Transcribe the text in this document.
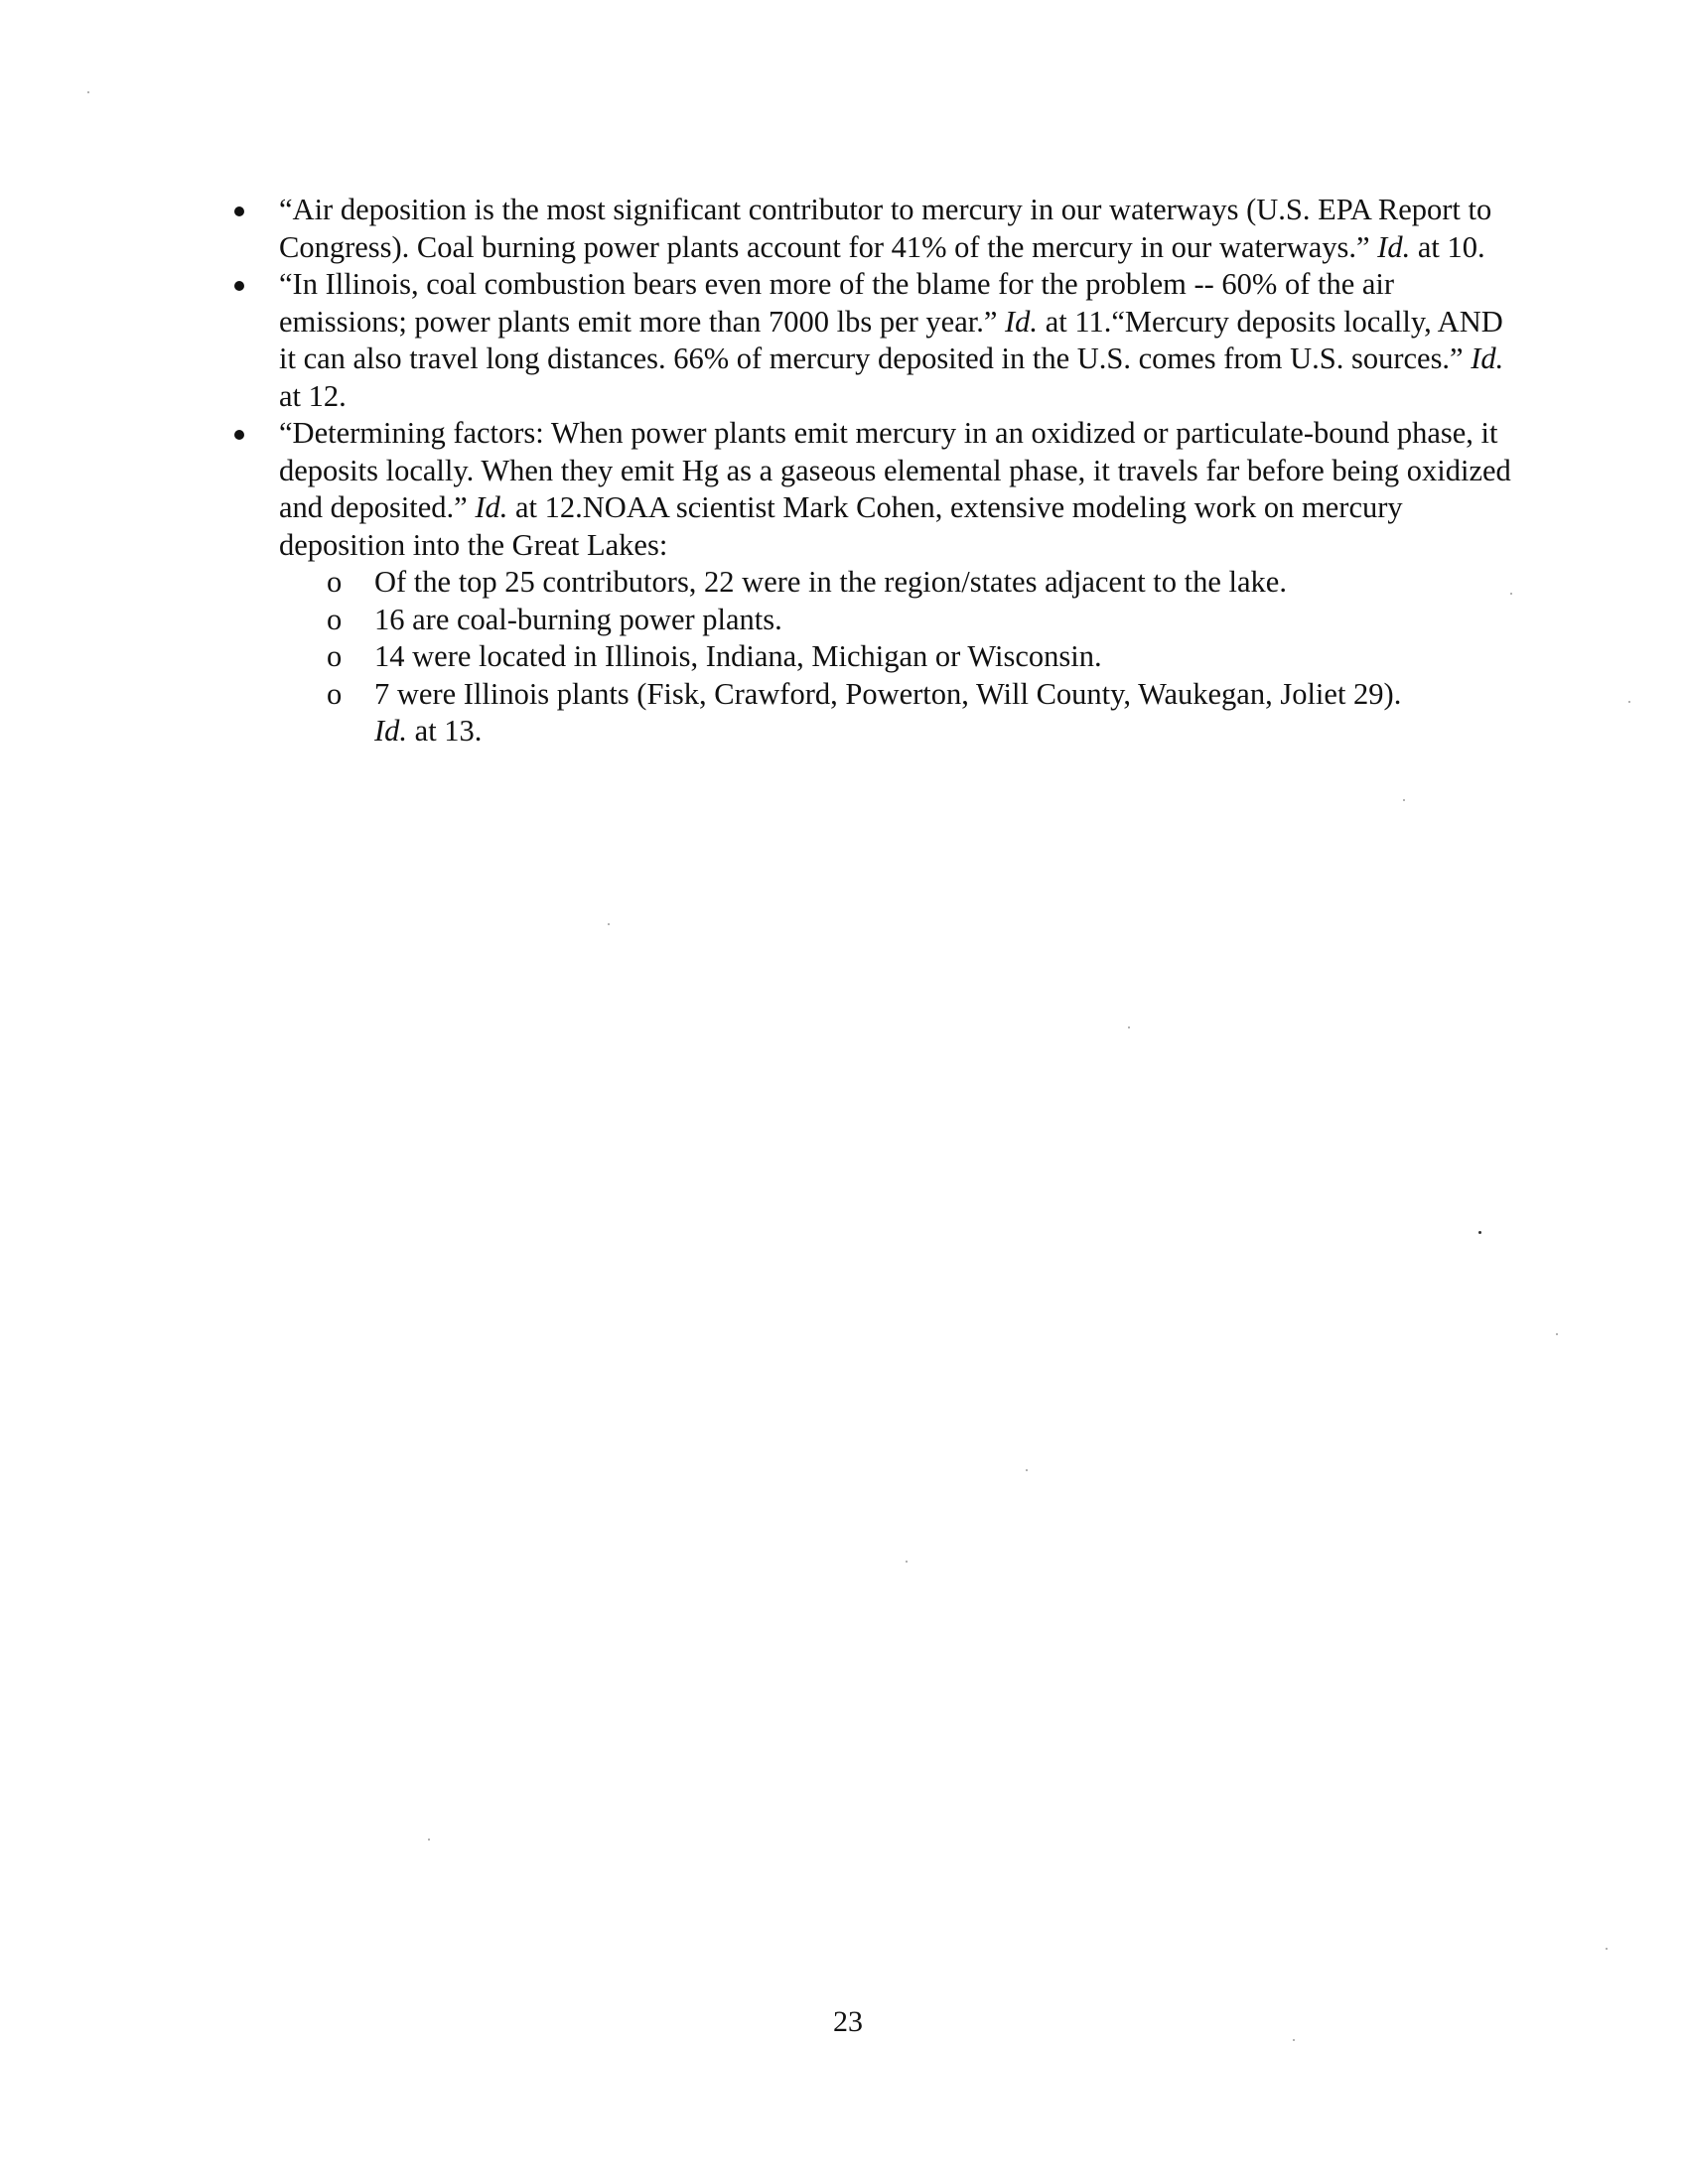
“Air deposition is the most significant contributor to mercury in our waterways (U.S. EPA Report to Congress). Coal burning power plants account for 41% of the mercury in our waterways.” Id. at 10.

“In Illinois, coal combustion bears even more of the blame for the problem -- 60% of the air emissions; power plants emit more than 7000 lbs per year.” Id. at 11.“Mercury deposits locally, AND it can also travel long distances. 66% of mercury deposited in the U.S. comes from U.S. sources.” Id. at 12.

“Determining factors: When power plants emit mercury in an oxidized or particulate-bound phase, it deposits locally. When they emit Hg as a gaseous elemental phase, it travels far before being oxidized and deposited.” Id. at 12.NOAA scientist Mark Cohen, extensive modeling work on mercury deposition into the Great Lakes:

o Of the top 25 contributors, 22 were in the region/states adjacent to the lake.
o 16 are coal-burning power plants.
o 14 were located in Illinois, Indiana, Michigan or Wisconsin.
o 7 were Illinois plants (Fisk, Crawford, Powerton, Will County, Waukegan, Joliet 29).
Id. at 13.
23
